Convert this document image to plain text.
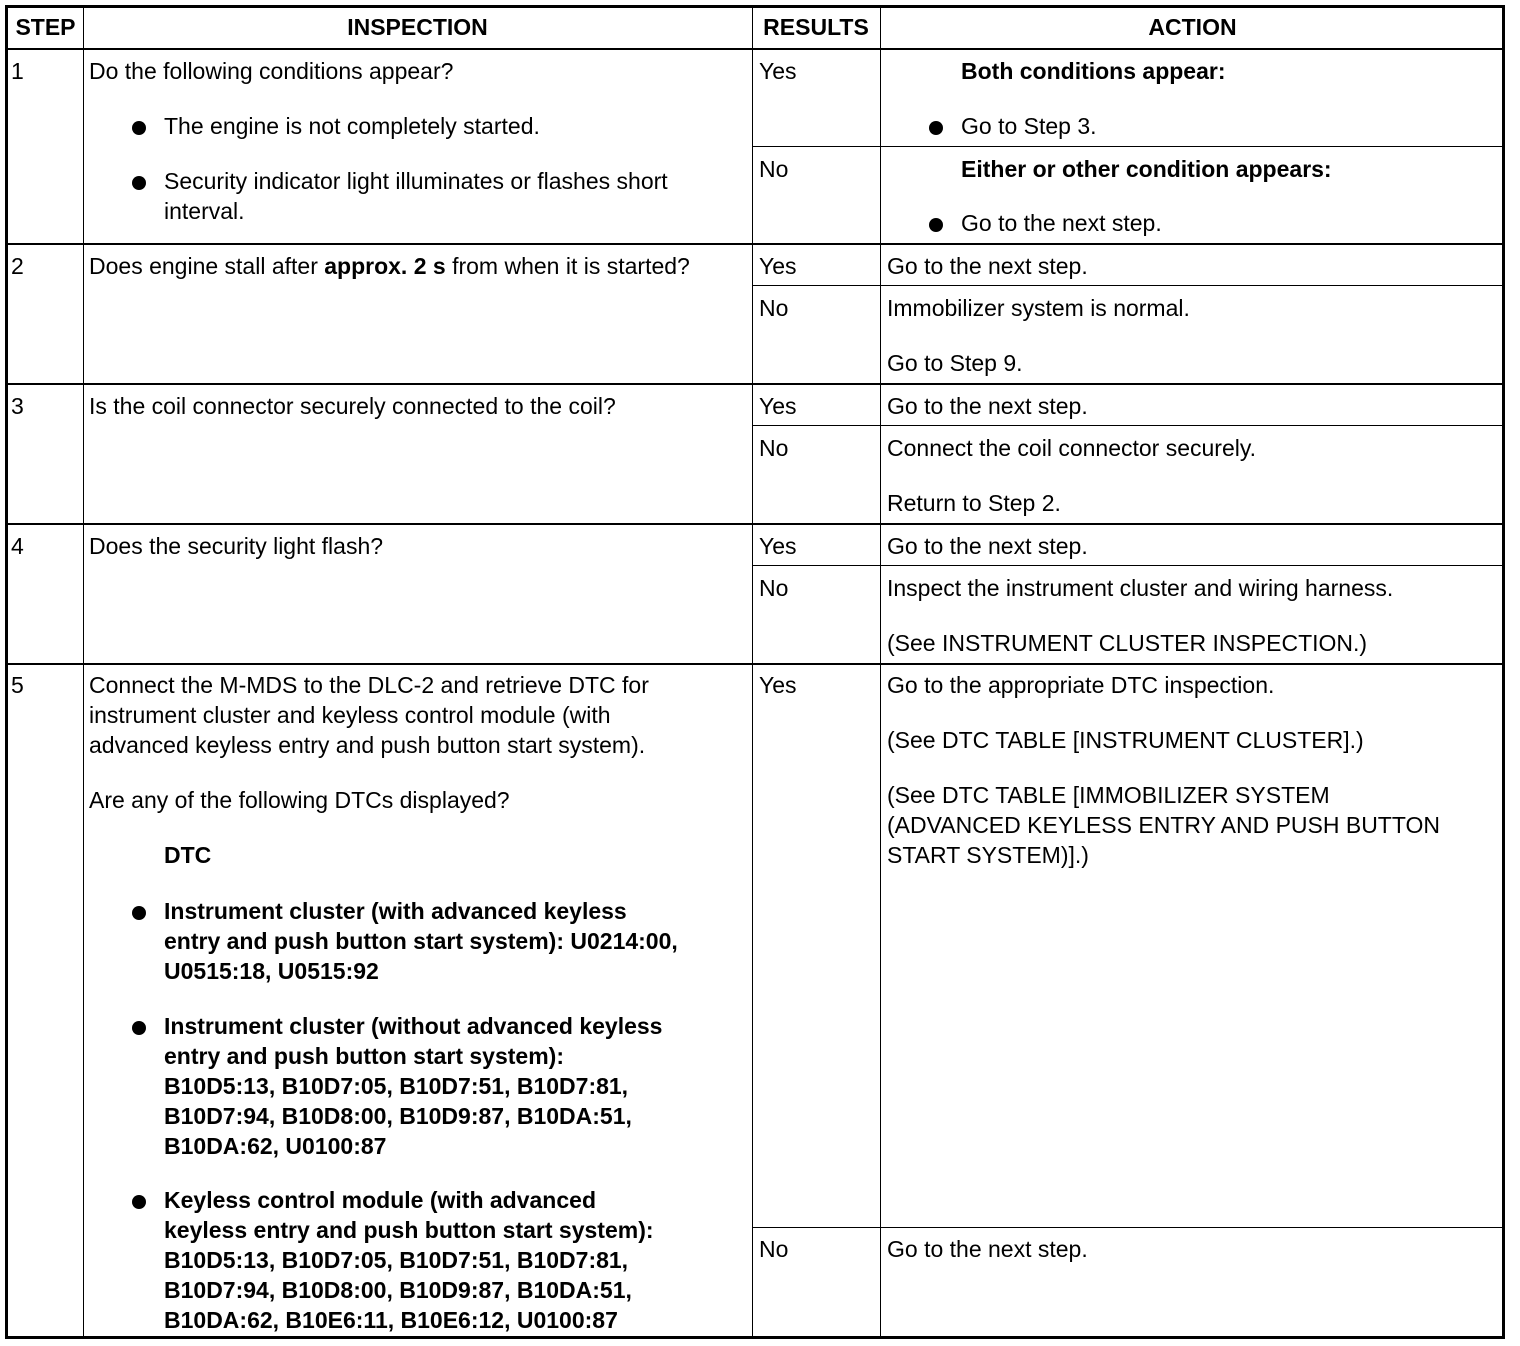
STEP	INSPECTION	RESULTS	ACTION
1	Do the following conditions appear?
The engine is not completely started.
Security indicator light illuminates or flashes short
interval.
Yes	Both conditions appear:
Go to Step 3.
No	Either or other condition appears:
Go to the next step.
2	Does engine stall after approx. 2 s from when it is started?	Yes	Go to the next step.
No	Immobilizer system is normal.
Go to Step 9.
3	Is the coil connector securely connected to the coil?	Yes	Go to the next step.
No	Connect the coil connector securely.
Return to Step 2.
4	Does the security light flash?	Yes	Go to the next step.
No	Inspect the instrument cluster and wiring harness.
(See INSTRUMENT CLUSTER INSPECTION.)
5	Connect the M-MDS to the DLC-2 and retrieve DTC for
instrument cluster and keyless control module (with
advanced keyless entry and push button start system).
Are any of the following DTCs displayed?
DTC
Instrument cluster (with advanced keyless
entry and push button start system): U0214:00,
U0515:18, U0515:92
Instrument cluster (without advanced keyless
entry and push button start system):
B10D5:13, B10D7:05, B10D7:51, B10D7:81,
B10D7:94, B10D8:00, B10D9:87, B10DA:51,
B10DA:62, U0100:87
Keyless control module (with advanced
keyless entry and push button start system):
B10D5:13, B10D7:05, B10D7:51, B10D7:81,
B10D7:94, B10D8:00, B10D9:87, B10DA:51,
B10DA:62, B10E6:11, B10E6:12, U0100:87
Yes	Go to the appropriate DTC inspection.
(See DTC TABLE [INSTRUMENT CLUSTER].)
(See DTC TABLE [IMMOBILIZER SYSTEM
(ADVANCED KEYLESS ENTRY AND PUSH BUTTON
START SYSTEM)].)
No	Go to the next step.
